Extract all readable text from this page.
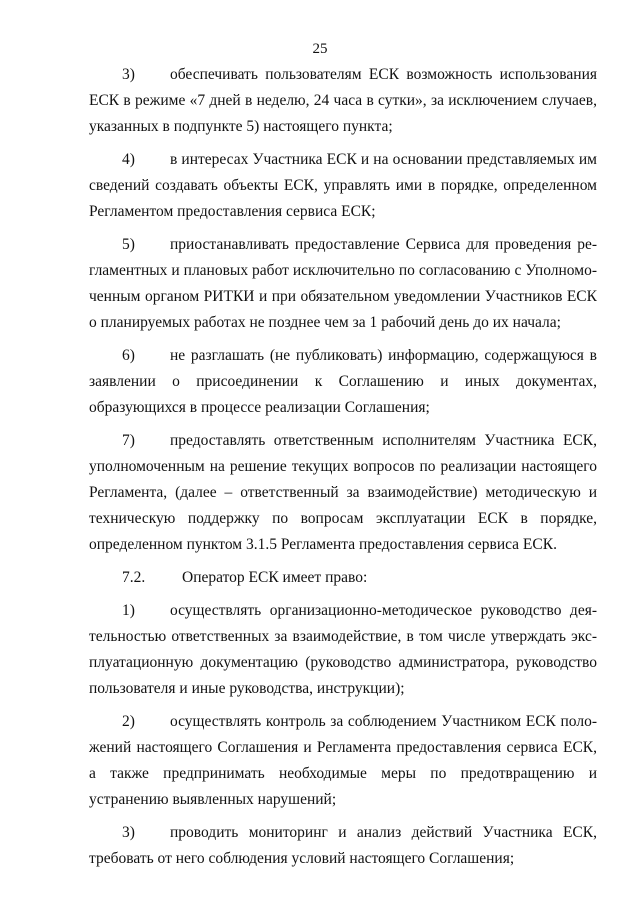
25

3) обеспечивать пользователям ЕСК возможность использования ЕСК в режиме «7 дней в неделю, 24 часа в сутки», за исключением случаев, указанных в подпункте 5) настоящего пункта;

4) в интересах Участника ЕСК и на основании представляемых им сведений создавать объекты ЕСК, управлять ими в порядке, определенном Регламентом предоставления сервиса ЕСК;

5) приостанавливать предоставление Сервиса для проведения регламентных и плановых работ исключительно по согласованию с Уполномоченным органом РИТКИ и при обязательном уведомлении Участников ЕСК о планируемых работах не позднее чем за 1 рабочий день до их начала;

6) не разглашать (не публиковать) информацию, содержащуюся в заявлении о присоединении к Соглашению и иных документах, образующихся в процессе реализации Соглашения;

7) предоставлять ответственным исполнителям Участника ЕСК, уполномоченным на решение текущих вопросов по реализации настоящего Регламента, (далее – ответственный за взаимодействие) методическую и техническую поддержку по вопросам эксплуатации ЕСК в порядке, определенном пунктом 3.1.5 Регламента предоставления сервиса ЕСК.

7.2. Оператор ЕСК имеет право:

1) осуществлять организационно-методическое руководство деятельностью ответственных за взаимодействие, в том числе утверждать эксплуатационную документацию (руководство администратора, руководство пользователя и иные руководства, инструкции);

2) осуществлять контроль за соблюдением Участником ЕСК положений настоящего Соглашения и Регламента предоставления сервиса ЕСК, а также предпринимать необходимые меры по предотвращению и устранению выявленных нарушений;

3) проводить мониторинг и анализ действий Участника ЕСК, требовать от него соблюдения условий настоящего Соглашения;
